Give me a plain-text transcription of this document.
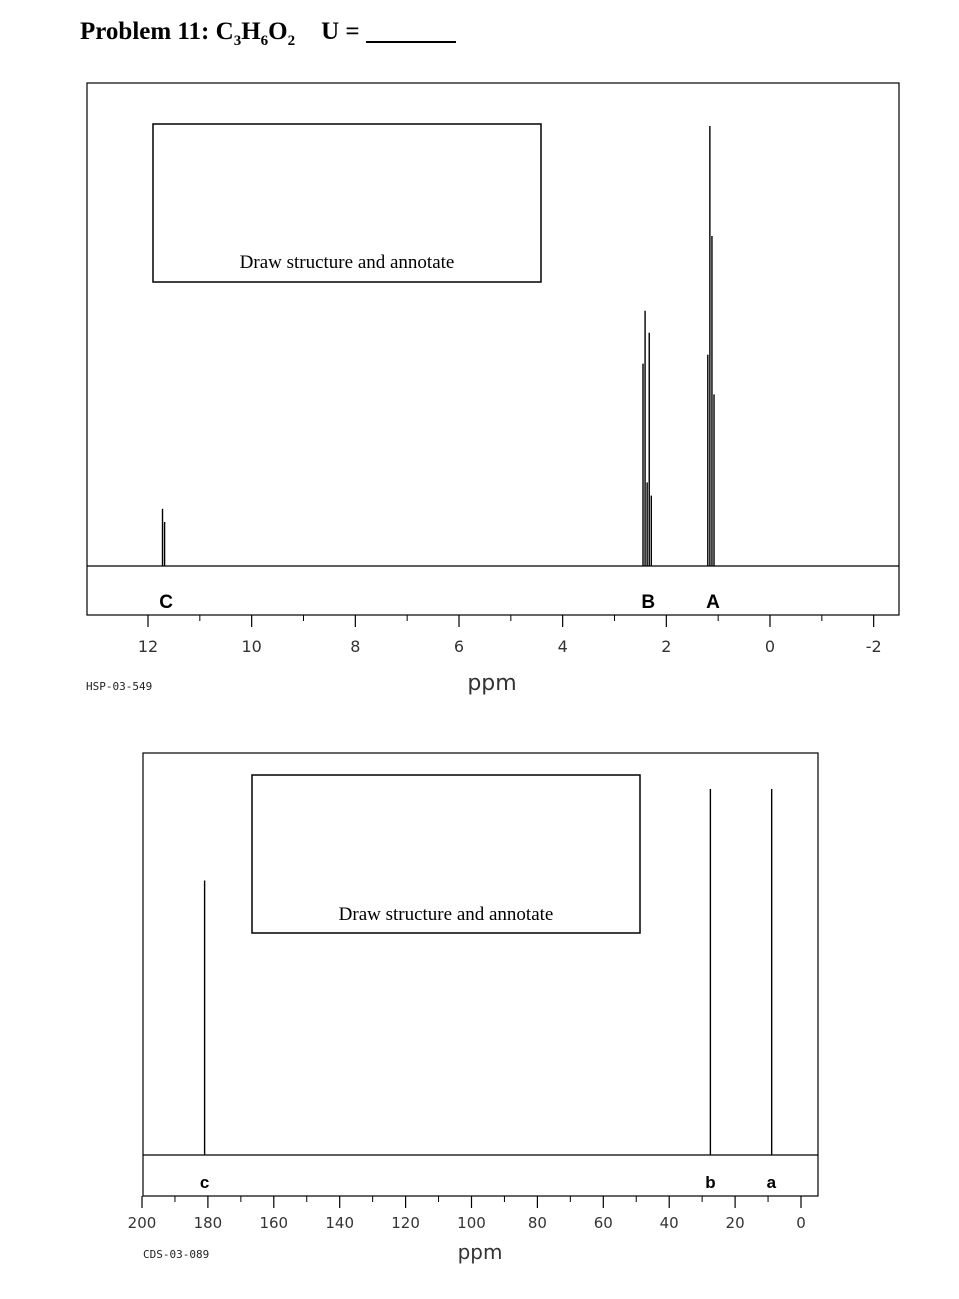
Problem 11: $C_3H_6O_2$ U =
Draw structure and annotate
C	B	A
12	10	8	6	4	2	0	-2
ppm
HSP-03-549
Draw structure and annotate
c	b	a
200 180 160 140 120 100	80	60	40	20	0
ppm
CDS-03-089
